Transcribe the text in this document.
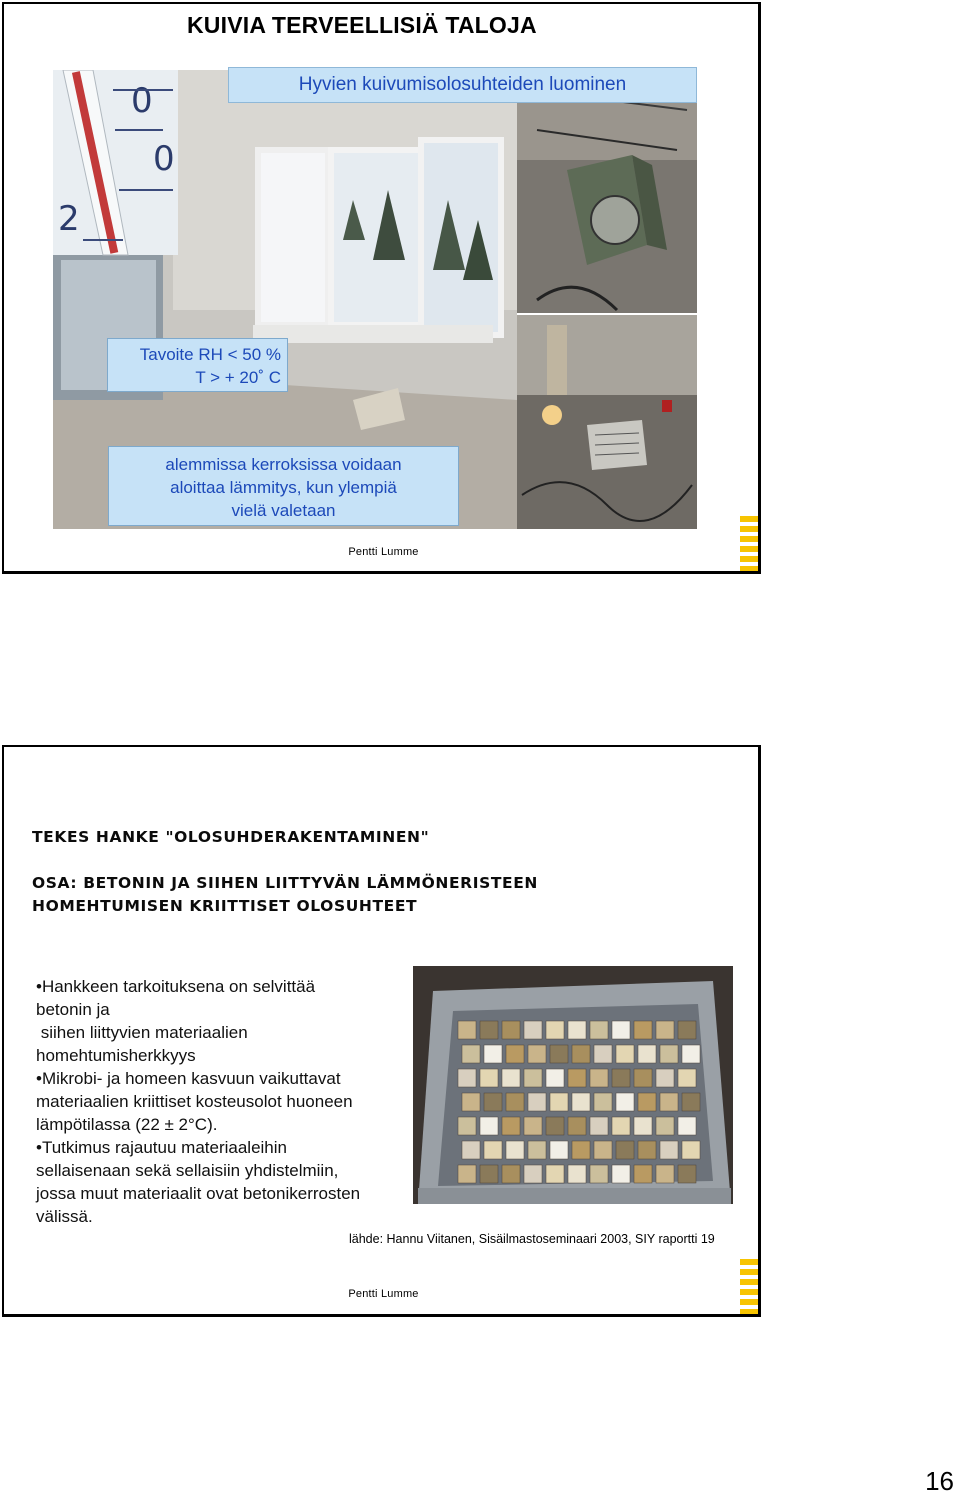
KUIVIA TERVEELLISIÄ TALOJA
0
0
2
Hyvien kuivumisolosuhteiden luominen
Tavoite RH < 50 %
T > + 20˚ C
alemmissa kerroksissa voidaan
aloittaa lämmitys, kun ylempiä
vielä valetaan
Pentti Lumme
TEKES HANKE "OLOSUHDERAKENTAMINEN"
OSA: BETONIN JA SIIHEN LIITTYVÄN LÄMMÖNERISTEEN
HOMEHTUMISEN KRIITTISET OLOSUHTEET

•Hankkeen tarkoituksena on selvittää

betonin ja

siihen liittyvien materiaalien

homehtumisherkkyys

•Mikrobi- ja homeen kasvuun vaikuttavat

materiaalien kriittiset kosteusolot huoneen

lämpötilassa (22 ± 2°C).

•Tutkimus rajautuu materiaaleihin

sellaisenaan sekä sellaisiin yhdistelmiin,

jossa muut materiaalit ovat betonikerrosten

välissä.

lähde: Hannu Viitanen, Sisäilmastoseminaari 2003, SIY raportti 19
Pentti Lumme
16
